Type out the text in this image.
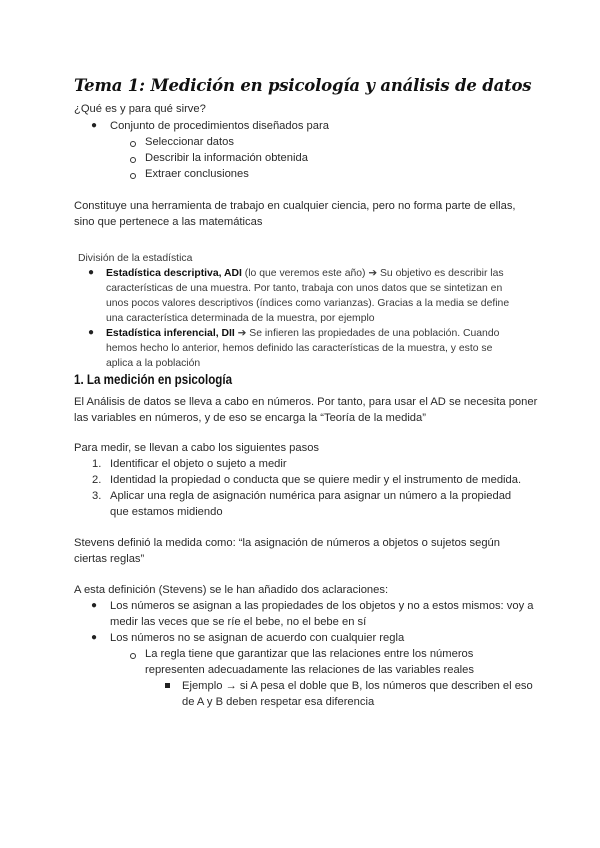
Tema 1: Medición en psicología y análisis de datos
¿Qué es y para qué sirve?
● Conjunto de procedimientos diseñados para
Seleccionar datos
Describir la información obtenida
Extraer conclusiones
Constituye una herramienta de trabajo en cualquier ciencia, pero no forma parte de ellas,
sino que pertenece a las matemáticas
División de la estadística
● Estadística descriptiva, ADI (lo que veremos este año) ➔ Su objetivo es describir las
características de una muestra. Por tanto, trabaja con unos datos que se sintetizan en
unos pocos valores descriptivos (índices como varianzas). Gracias a la media se define
una característica determinada de la muestra, por ejemplo
● Estadística inferencial, DII ➔ Se infieren las propiedades de una población. Cuando
hemos hecho lo anterior, hemos definido las características de la muestra, y esto se
aplica a la población
1. La medición en psicología
El Análisis de datos se lleva a cabo en números. Por tanto, para usar el AD se necesita poner
las variables en números, y de eso se encarga la “Teoría de la medida”
Para medir, se llevan a cabo los siguientes pasos
1. Identificar el objeto o sujeto a medir
2. Identidad la propiedad o conducta que se quiere medir y el instrumento de medida.
3. Aplicar una regla de asignación numérica para asignar un número a la propiedad
que estamos midiendo
Stevens definió la medida como: “la asignación de números a objetos o sujetos según
ciertas reglas”
A esta definición (Stevens) se le han añadido dos aclaraciones:
● Los números se asignan a las propiedades de los objetos y no a estos mismos: voy a
medir las veces que se ríe el bebe, no el bebe en sí
● Los números no se asignan de acuerdo con cualquier regla
La regla tiene que garantizar que las relaciones entre los números
representen adecuadamente las relaciones de las variables reales
Ejemplo → si A pesa el doble que B, los números que describen el eso
de A y B deben respetar esa diferencia
